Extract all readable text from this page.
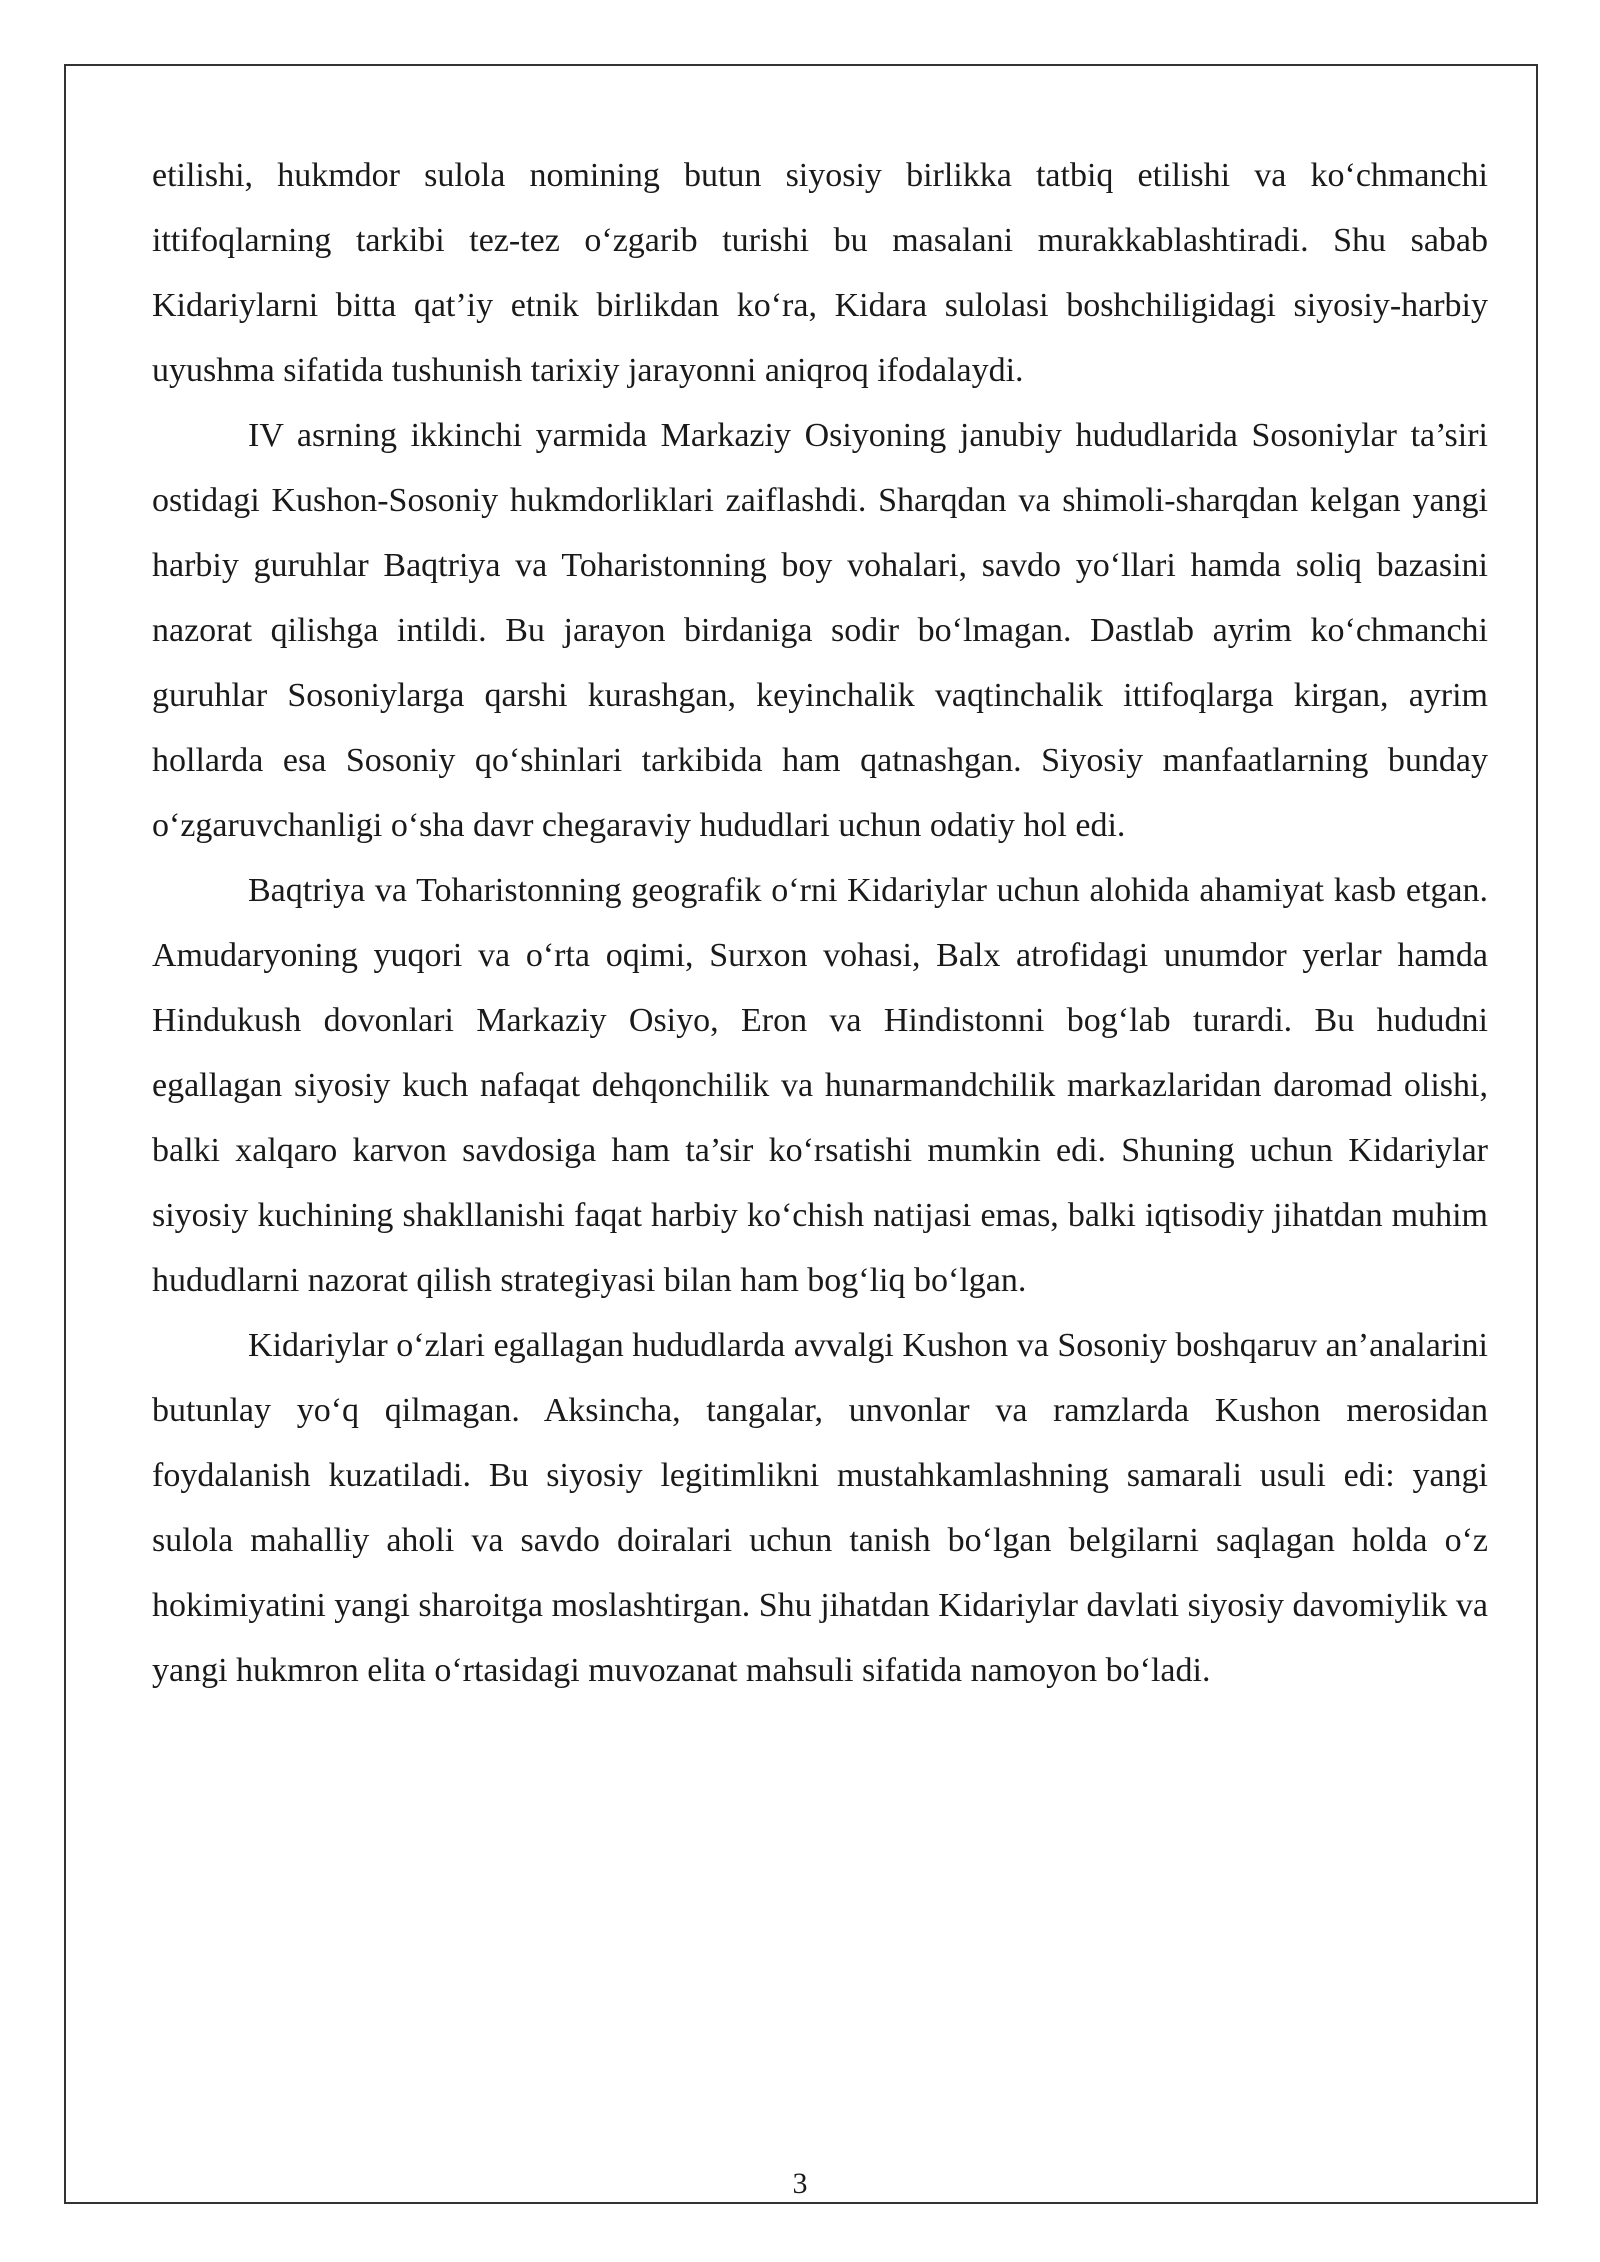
etilishi, hukmdor sulola nomining butun siyosiy birlikka tatbiq etilishi va ko‘chmanchi ittifoqlarning tarkibi tez-tez o‘zgarib turishi bu masalani murakkablashtiradi. Shu sabab Kidariylarni bitta qat’iy etnik birlikdan ko‘ra, Kidara sulolasi boshchiligidagi siyosiy-harbiy uyushma sifatida tushunish tarixiy jarayonni aniqroq ifodalaydi.

IV asrning ikkinchi yarmida Markaziy Osiyoning janubiy hududlarida Sosoniylar ta’siri ostidagi Kushon-Sosoniy hukmdorliklari zaiflashdi. Sharqdan va shimoli-sharqdan kelgan yangi harbiy guruhlar Baqtriya va Toharistonning boy vohalari, savdo yo‘llari hamda soliq bazasini nazorat qilishga intildi. Bu jarayon birdaniga sodir bo‘lmagan. Dastlab ayrim ko‘chmanchi guruhlar Sosoniylarga qarshi kurashgan, keyinchalik vaqtinchalik ittifoqlarga kirgan, ayrim hollarda esa Sosoniy qo‘shinlari tarkibida ham qatnashgan. Siyosiy manfaatlarning bunday o‘zgaruvchanligi o‘sha davr chegaraviy hududlari uchun odatiy hol edi.

Baqtriya va Toharistonning geografik o‘rni Kidariylar uchun alohida ahamiyat kasb etgan. Amudaryoning yuqori va o‘rta oqimi, Surxon vohasi, Balx atrofidagi unumdor yerlar hamda Hindukush dovonlari Markaziy Osiyo, Eron va Hindistonni bog‘lab turardi. Bu hududni egallagan siyosiy kuch nafaqat dehqonchilik va hunarmandchilik markazlaridan daromad olishi, balki xalqaro karvon savdosiga ham ta’sir ko‘rsatishi mumkin edi. Shuning uchun Kidariylar siyosiy kuchining shakllanishi faqat harbiy ko‘chish natijasi emas, balki iqtisodiy jihatdan muhim hududlarni nazorat qilish strategiyasi bilan ham bog‘liq bo‘lgan.

Kidariylar o‘zlari egallagan hududlarda avvalgi Kushon va Sosoniy boshqaruv an’analarini butunlay yo‘q qilmagan. Aksincha, tangalar, unvonlar va ramzlarda Kushon merosidan foydalanish kuzatiladi. Bu siyosiy legitimlikni mustahkamlashning samarali usuli edi: yangi sulola mahalliy aholi va savdo doiralari uchun tanish bo‘lgan belgilarni saqlagan holda o‘z hokimiyatini yangi sharoitga moslashtirgan. Shu jihatdan Kidariylar davlati siyosiy davomiylik va yangi hukmron elita o‘rtasidagi muvozanat mahsuli sifatida namoyon bo‘ladi.

3
